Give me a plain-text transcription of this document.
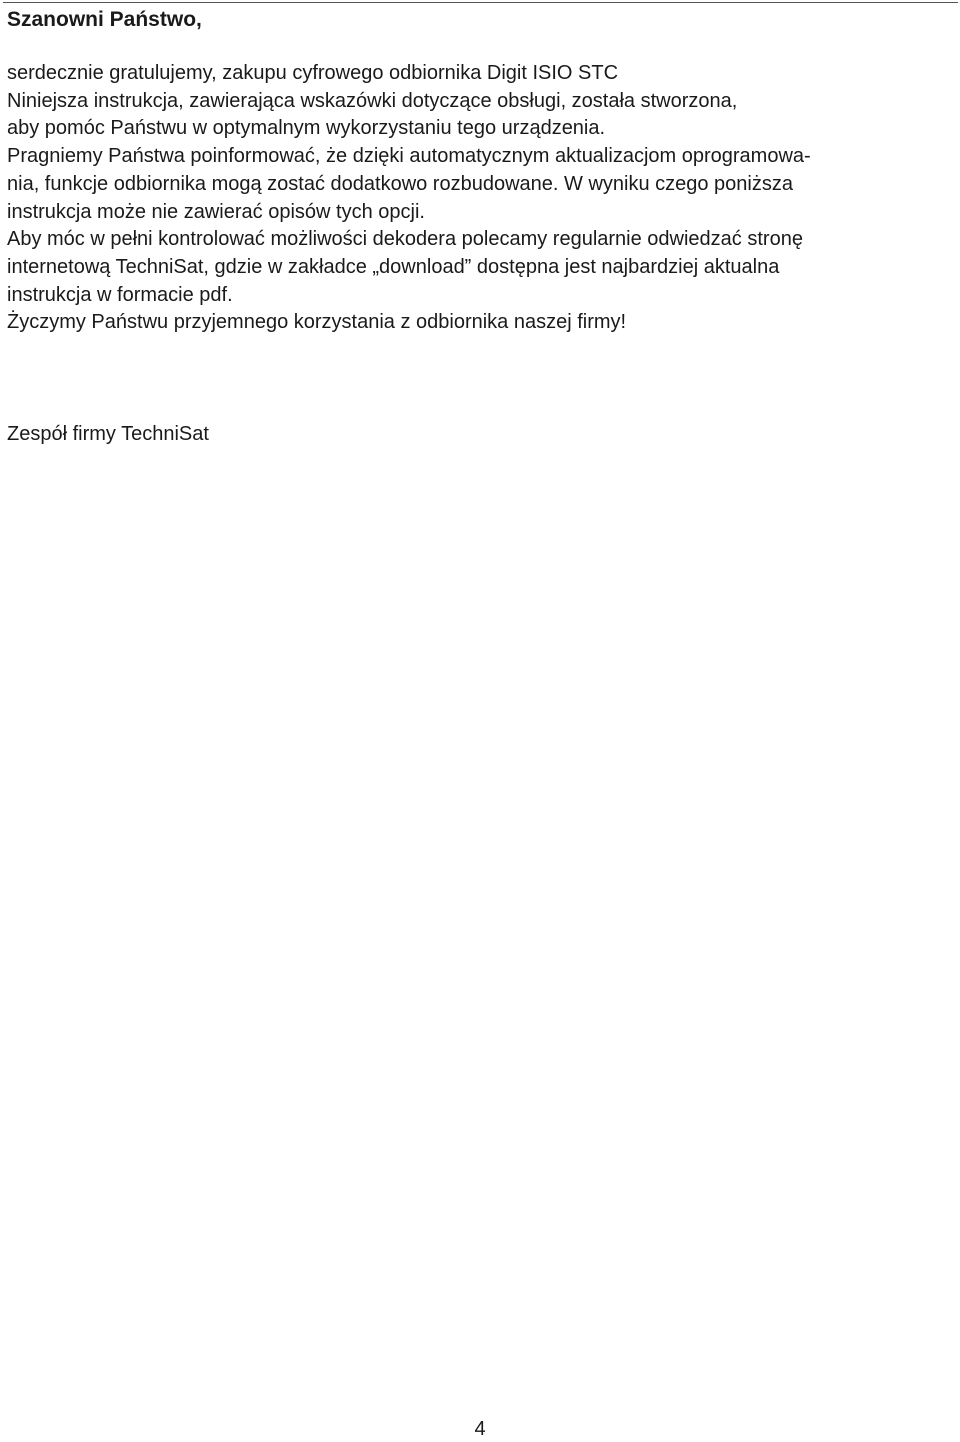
Szanowni Państwo,
serdecznie gratulujemy, zakupu cyfrowego odbiornika Digit ISIO STC
Niniejsza instrukcja, zawierająca wskazówki dotyczące obsługi, została stworzona,
aby pomóc Państwu w optymalnym wykorzystaniu tego urządzenia.
Pragniemy Państwa poinformować, że dzięki automatycznym aktualizacjom oprogramowa-
nia, funkcje odbiornika mogą zostać dodatkowo rozbudowane. W wyniku czego poniższa
instrukcja może nie zawierać opisów tych opcji.
Aby móc w pełni kontrolować możliwości dekodera polecamy regularnie odwiedzać stronę
internetową TechniSat, gdzie w zakładce „download” dostępna jest najbardziej aktualna
instrukcja w formacie pdf.
Życzymy Państwu przyjemnego korzystania z odbiornika naszej firmy!
Zespół firmy TechniSat
4
